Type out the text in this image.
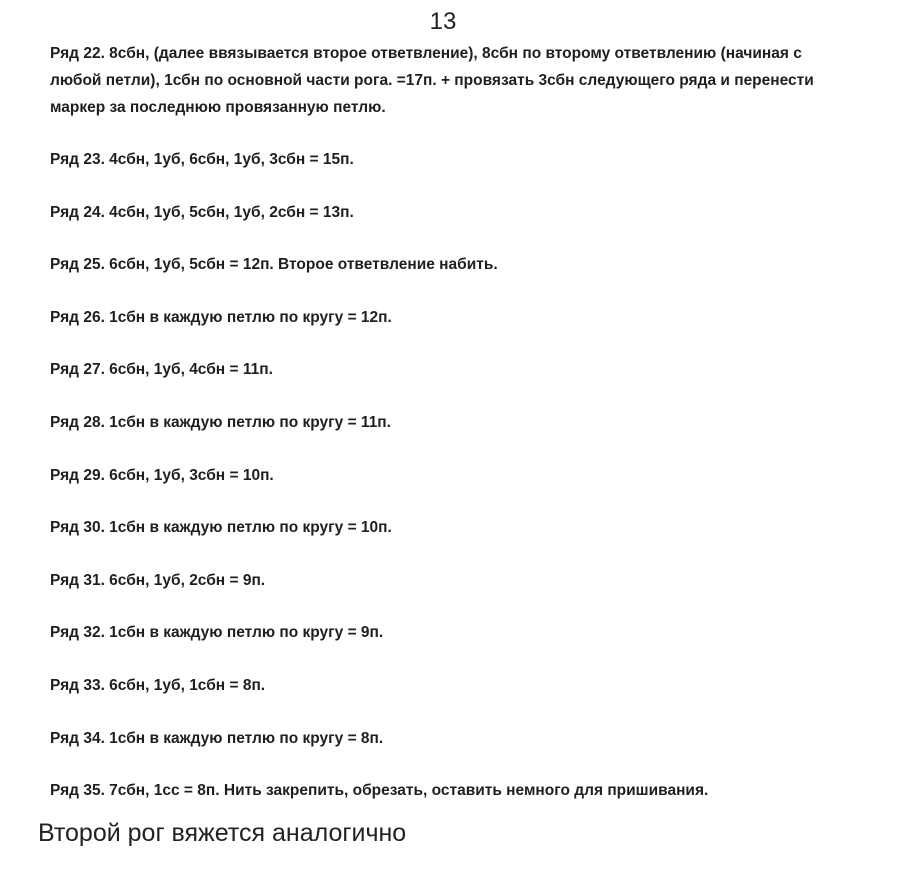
13

Ряд 22. 8сбн, (далее ввязывается второе ответвление), 8сбн по второму ответвлению (начиная с

любой петли), 1сбн по основной части рога. =17п. + провязать 3сбн следующего ряда и перенести

маркер за последнюю провязанную петлю.

Ряд 23. 4сбн, 1уб, 6сбн, 1уб, 3сбн = 15п.
Ряд 24. 4сбн, 1уб, 5сбн, 1уб, 2сбн = 13п.
Ряд 25. 6сбн, 1уб, 5сбн = 12п. Второе ответвление набить.
Ряд 26. 1сбн в каждую петлю по кругу = 12п.
Ряд 27. 6сбн, 1уб, 4сбн = 11п.
Ряд 28. 1сбн в каждую петлю по кругу = 11п.
Ряд 29. 6сбн, 1уб, 3сбн = 10п.
Ряд 30. 1сбн в каждую петлю по кругу = 10п.
Ряд 31. 6сбн, 1уб, 2сбн = 9п.
Ряд 32. 1сбн в каждую петлю по кругу = 9п.
Ряд 33. 6сбн, 1уб, 1сбн = 8п.
Ряд 34. 1сбн в каждую петлю по кругу = 8п.
Ряд 35. 7сбн, 1сс = 8п. Нить закрепить, обрезать, оставить немного для пришивания.
Второй рог вяжется аналогично
